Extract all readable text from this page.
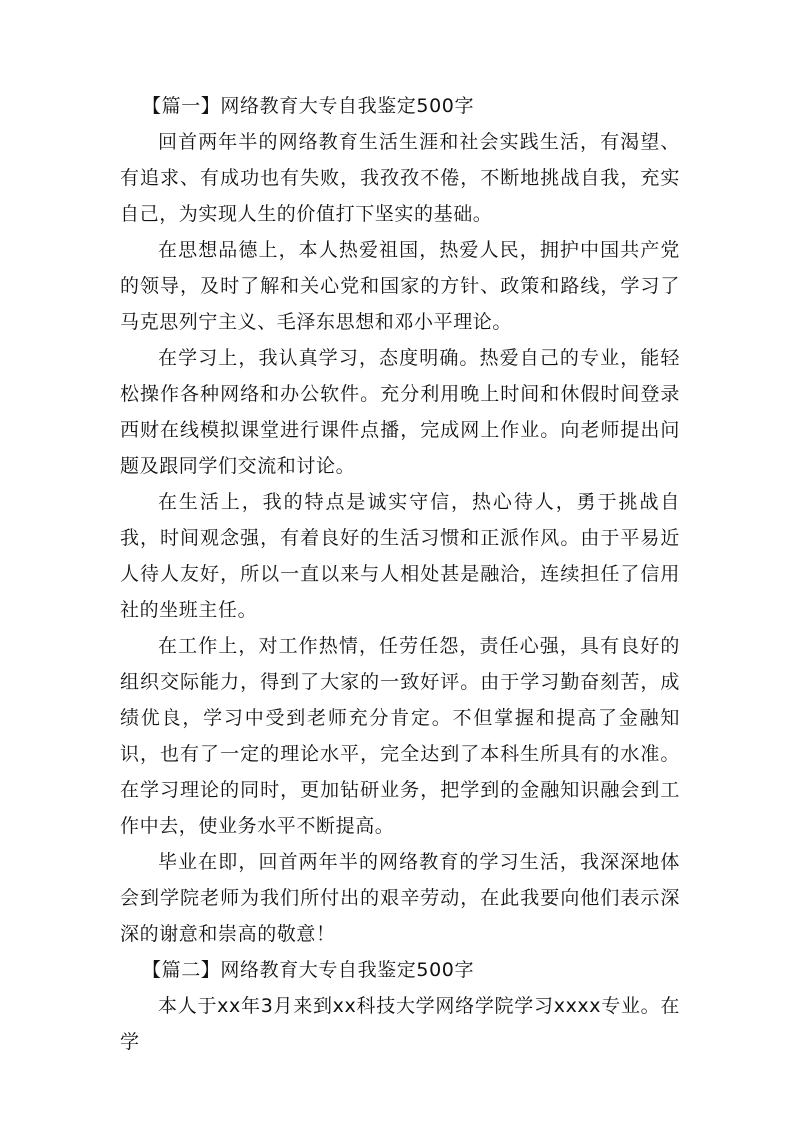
【篇一】网络教育大专自我鉴定500字

回首两年半的网络教育生活生涯和社会实践生活，有渴望、有追求、有成功也有失败，我孜孜不倦，不断地挑战自我，充实自己，为实现人生的价值打下坚实的基础。

在思想品德上，本人热爱祖国，热爱人民，拥护中国共产党的领导，及时了解和关心党和国家的方针、政策和路线，学习了马克思列宁主义、毛泽东思想和邓小平理论。

在学习上，我认真学习，态度明确。热爱自己的专业，能轻松操作各种网络和办公软件。充分利用晚上时间和休假时间登录西财在线模拟课堂进行课件点播，完成网上作业。向老师提出问题及跟同学们交流和讨论。

在生活上，我的特点是诚实守信，热心待人，勇于挑战自我，时间观念强，有着良好的生活习惯和正派作风。由于平易近人待人友好，所以一直以来与人相处甚是融洽，连续担任了信用社的坐班主任。

在工作上，对工作热情，任劳任怨，责任心强，具有良好的组织交际能力，得到了大家的一致好评。由于学习勤奋刻苦，成绩优良，学习中受到老师充分肯定。不但掌握和提高了金融知识，也有了一定的理论水平，完全达到了本科生所具有的水准。在学习理论的同时，更加钻研业务，把学到的金融知识融会到工作中去，使业务水平不断提高。

毕业在即，回首两年半的网络教育的学习生活，我深深地体会到学院老师为我们所付出的艰辛劳动，在此我要向他们表示深深的谢意和崇高的敬意！

【篇二】网络教育大专自我鉴定500字

本人于xx年3月来到xx科技大学网络学院学习xxxx专业。在学
